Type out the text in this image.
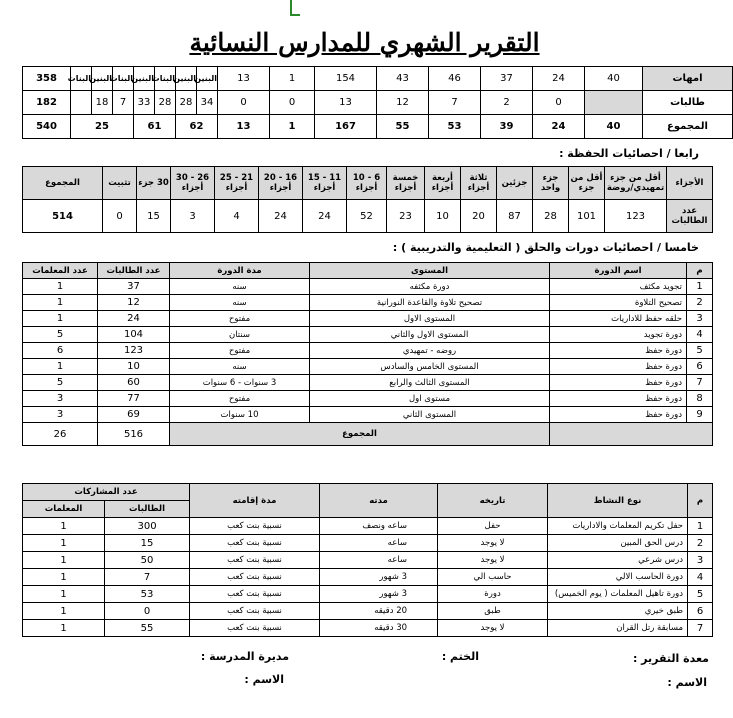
التقرير الشهري للمدارس النسائية
امهات	40	24	37	46	43	154	1	13	البنين	البنين	البنات	البنين	البنات	البنين	البنات	358
طالبات		0	2	7	12	13	0	0	34	28	28	33	7	18		182
المجموع	40	24	39	53	55	167	1	13	62		61		25			540
رابعا / احصائيات الحفظة :
الأجزاء	أقل من جزء تمهيدي/روضة	أقل من جزء	جزء واحد	جزئين	ثلاثة أجزاء	أربعة أجزاء	خمسة أجزاء	6 - 10 أجزاء	11 - 15 أجزاء	16 - 20 أجزاء	21 - 25 أجزاء	26 - 30 أجزاء	30 جزء	تثبيت	المجموع
عدد الطالبات	123	101	28	87	20	10	23	52	24	24	4	3	15	0	514
خامسا / احصائيات دورات والحلق ( التعليمية والتدريبية ) :
م	اسم الدورة	المستوى	مدة الدورة	عدد الطالبات	عدد المعلمات
1	تجويد مكثف	دورة مكثفه	سنه	37	1
2	تصحيح التلاوة	تصحيح تلاوة والقاعدة النورانية	سنه	12	1
3	حلقه حفظ للاداريات	المستوى الاول	مفتوح	24	1
4	دورة تجويد	المستوى الاول والثاني	سنتان	104	5
5	دورة حفظ	روضه - تمهيدي	مفتوح	123	6
6	دورة حفظ	المستوى الخامس والسادس	سنه	10	1
7	دورة حفظ	المستوى الثالث والرابع	3 سنوات - 6 سنوات	60	5
8	دورة حفظ	مستوى اول	مفتوح	77	3
9	دورة حفظ	المستوى الثاني	10 سنوات	69	3
		المجموع		516	26
م	نوع النشاط	تاريخه	مدته	مدة إقامته	عدد المشاركات	
					الطالبات	المعلمات
1	حفل تكريم المعلمات والاداريات	حفل	ساعه ونصف	نسبية بنت كعب	300	1
2	درس الحق المبين	لا يوجد	ساعه	نسبية بنت كعب	15	1
3	درس شرعي	لا يوجد	ساعه	نسبية بنت كعب	50	1
4	دورة الحاسب الالي	حاسب الي	3 شهور	نسبية بنت كعب	7	1
5	دورة تاهيل المعلمات ( يوم الخميس)	دورة	3 شهور	نسبية بنت كعب	53	1
6	طبق خيري	طبق	20 دقيقه	نسبية بنت كعب	0	1
7	مسابقة رتل القران	لا يوجد	30 دقيقه	نسبية بنت كعب	55	1
معدة التقرير :
الاسم :
الختم :
مديرة المدرسة :
الاسم :
